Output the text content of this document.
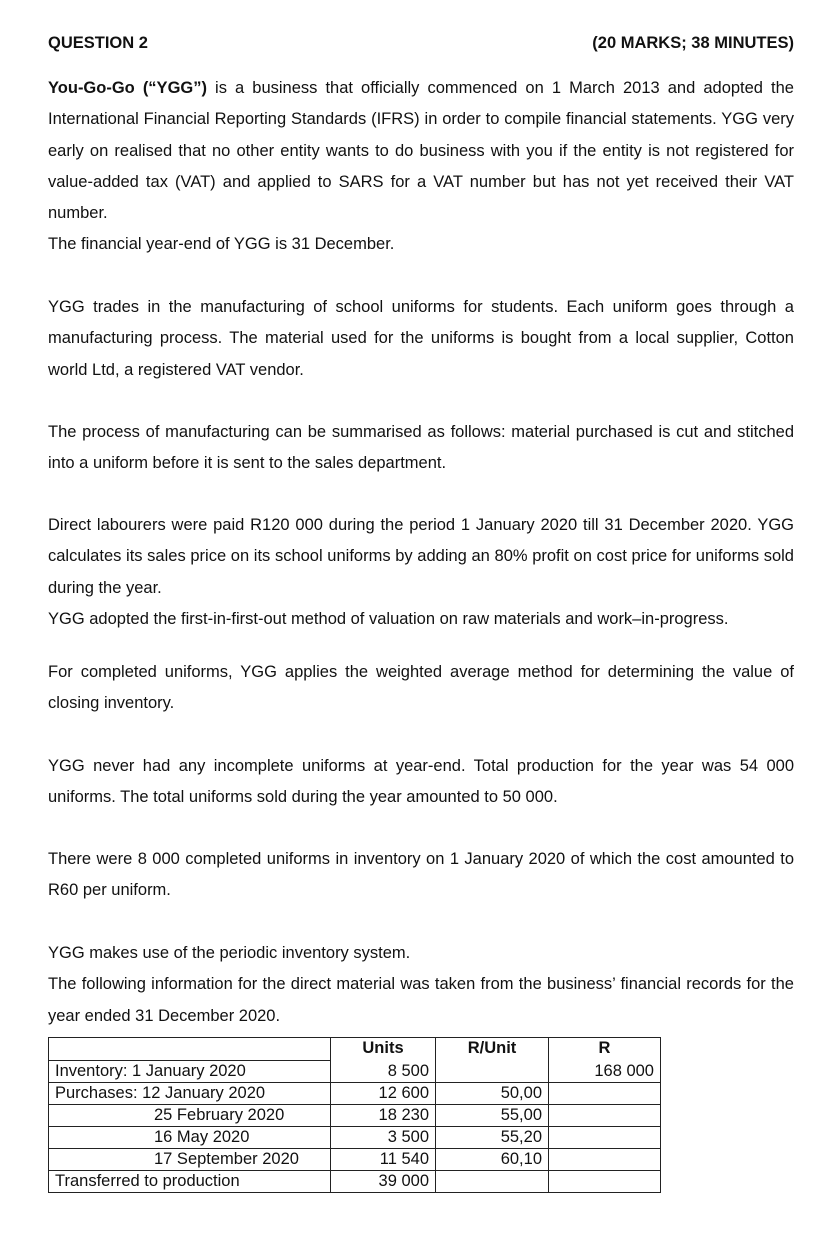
QUESTION 2	(20 MARKS; 38 MINUTES)

You-Go-Go (“YGG”) is a business that officially commenced on 1 March 2013 and adopted the International Financial Reporting Standards (IFRS) in order to compile financial statements. YGG very early on realised that no other entity wants to do business with you if the entity is not registered for value-added tax (VAT) and applied to SARS for a VAT number but has not yet received their VAT number.
The financial year-end of YGG is 31 December.

YGG trades in the manufacturing of school uniforms for students. Each uniform goes through a manufacturing process. The material used for the uniforms is bought from a local supplier, Cotton world Ltd, a registered VAT vendor.

The process of manufacturing can be summarised as follows: material purchased is cut and stitched into a uniform before it is sent to the sales department.

Direct labourers were paid R120 000 during the period 1 January 2020 till 31 December 2020. YGG calculates its sales price on its school uniforms by adding an 80% profit on cost price for uniforms sold during the year.
YGG adopted the first-in-first-out method of valuation on raw materials and work–in-progress.

For completed uniforms, YGG applies the weighted average method for determining the value of closing inventory.

YGG never had any incomplete uniforms at year-end. Total production for the year was 54 000 uniforms. The total uniforms sold during the year amounted to 50 000.

There were 8 000 completed uniforms in inventory on 1 January 2020 of which the cost amounted to R60 per uniform.

YGG makes use of the periodic inventory system.
The following information for the direct material was taken from the business’ financial records for the year ended 31 December 2020.

	Units	R/Unit	R
Inventory: 1 January 2020	8 500		168 000
Purchases: 12 January 2020	12 600	50,00	
25 February 2020	18 230	55,00	
16 May 2020	3 500	55,20	
17 September 2020	11 540	60,10	
Transferred to production	39 000		
